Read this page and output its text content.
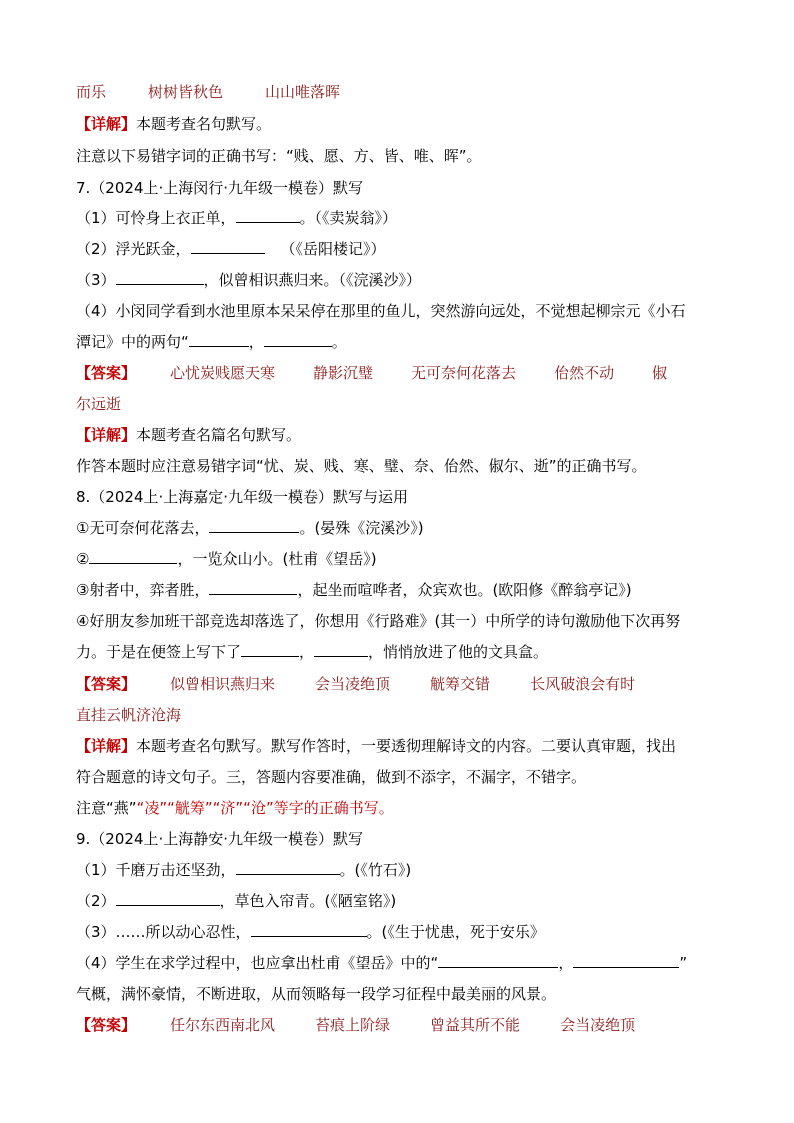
而乐	树树皆秋色	山山唯落晖
【详解】本题考查名句默写。
注意以下易错字词的正确书写：“贱、愿、方、皆、唯、晖”。
7.（2024上·上海闵行·九年级一模卷）默写
（1）可怜身上衣正单，	。（《卖炭翁》）
（2）浮光跃金，	（《岳阳楼记》）
（3）	，似曾相识燕归来。（《浣溪沙》）
（4）小闵同学看到水池里原本呆呆停在那里的鱼儿，突然游向远处，不觉想起柳宗元《小石
潭记》中的两句“	，	。
【答案】 心忧炭贱愿天寒	静影沉璧	无可奈何花落去	佁然不动	俶
尔远逝
【详解】本题考查名篇名句默写。
作答本题时应注意易错字词“忧、炭、贱、寒、璧、奈、佁然、俶尔、逝”的正确书写。
8.（2024上·上海嘉定·九年级一模卷）默写与运用
①无可奈何花落去，	。(晏殊《浣溪沙》)
②	，一览众山小。(杜甫《望岳》)
③射者中，弈者胜，	，起坐而喧哗者，众宾欢也。(欧阳修《醉翁亭记》)
④好朋友参加班干部竞选却落选了，你想用《行路难》(其一）中所学的诗句激励他下次再努
力。于是在便签上写下了	，	，悄悄放进了他的文具盒。
【答案】 似曾相识燕归来	会当凌绝顶	觥筹交错	长风破浪会有时
直挂云帆济沧海
【详解】本题考查名句默写。默写作答时，一要透彻理解诗文的内容。二要认真审题，找出
符合题意的诗文句子。三，答题内容要准确，做到不添字，不漏字，不错字。
注意“燕”“凌”“觥筹”“济”“沧”等字的正确书写。
9.（2024上·上海静安·九年级一模卷）默写
（1）千磨万击还坚劲，	。(《竹石》)
（2）	，草色入帘青。(《陋室铭》)
（3）……所以动心忍性，	。(《生于忧患，死于安乐》
（4）学生在求学过程中，也应拿出杜甫《望岳》中的“	，	”
气概，满怀豪情，不断进取，从而领略每一段学习征程中最美丽的风景。
【答案】 任尔东西南北风	苔痕上阶绿	曾益其所不能	会当凌绝顶
